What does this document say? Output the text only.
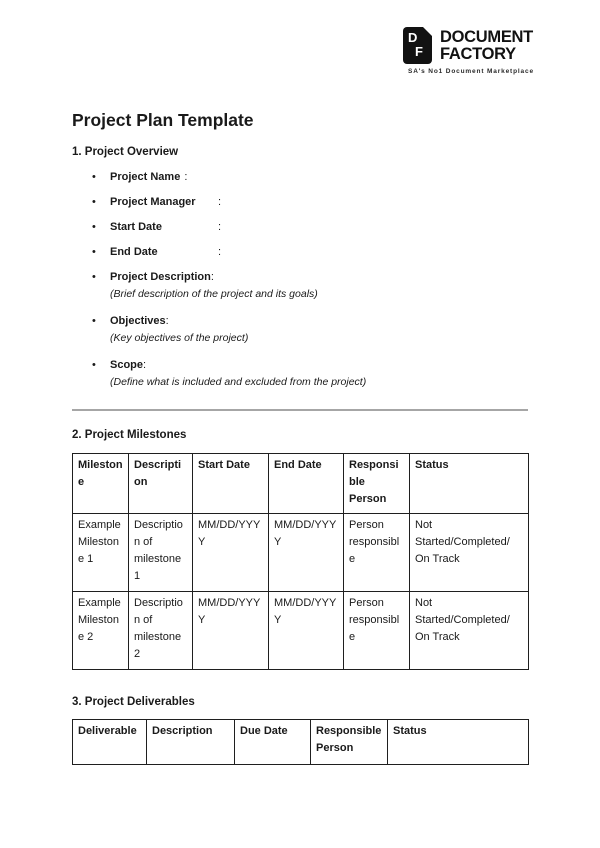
D
F
DOCUMENT
FACTORY
SA's No1 Document Marketplace
Project Plan Template
1. Project Overview
• Project Name :
• Project Manager :
• Start Date	:
• End Date	:
• Project Description:
(Brief description of the project and its goals)
• Objectives:
(Key objectives of the project)
• Scope:
(Define what is included and excluded from the project)
2. Project Milestones
Milestone	Description	Start Date	End Date	Responsible Person	Status
Example Milestone 1	Description of milestone 1	MM/DD/YYYY	MM/DD/YYYY	Person responsible	Not Started/Completed/ On Track
Example Milestone 2	Description of milestone 2	MM/DD/YYYY	MM/DD/YYYY	Person responsible	Not Started/Completed/ On Track
3. Project Deliverables
Deliverable	Description	Due Date	Responsible Person	Status
